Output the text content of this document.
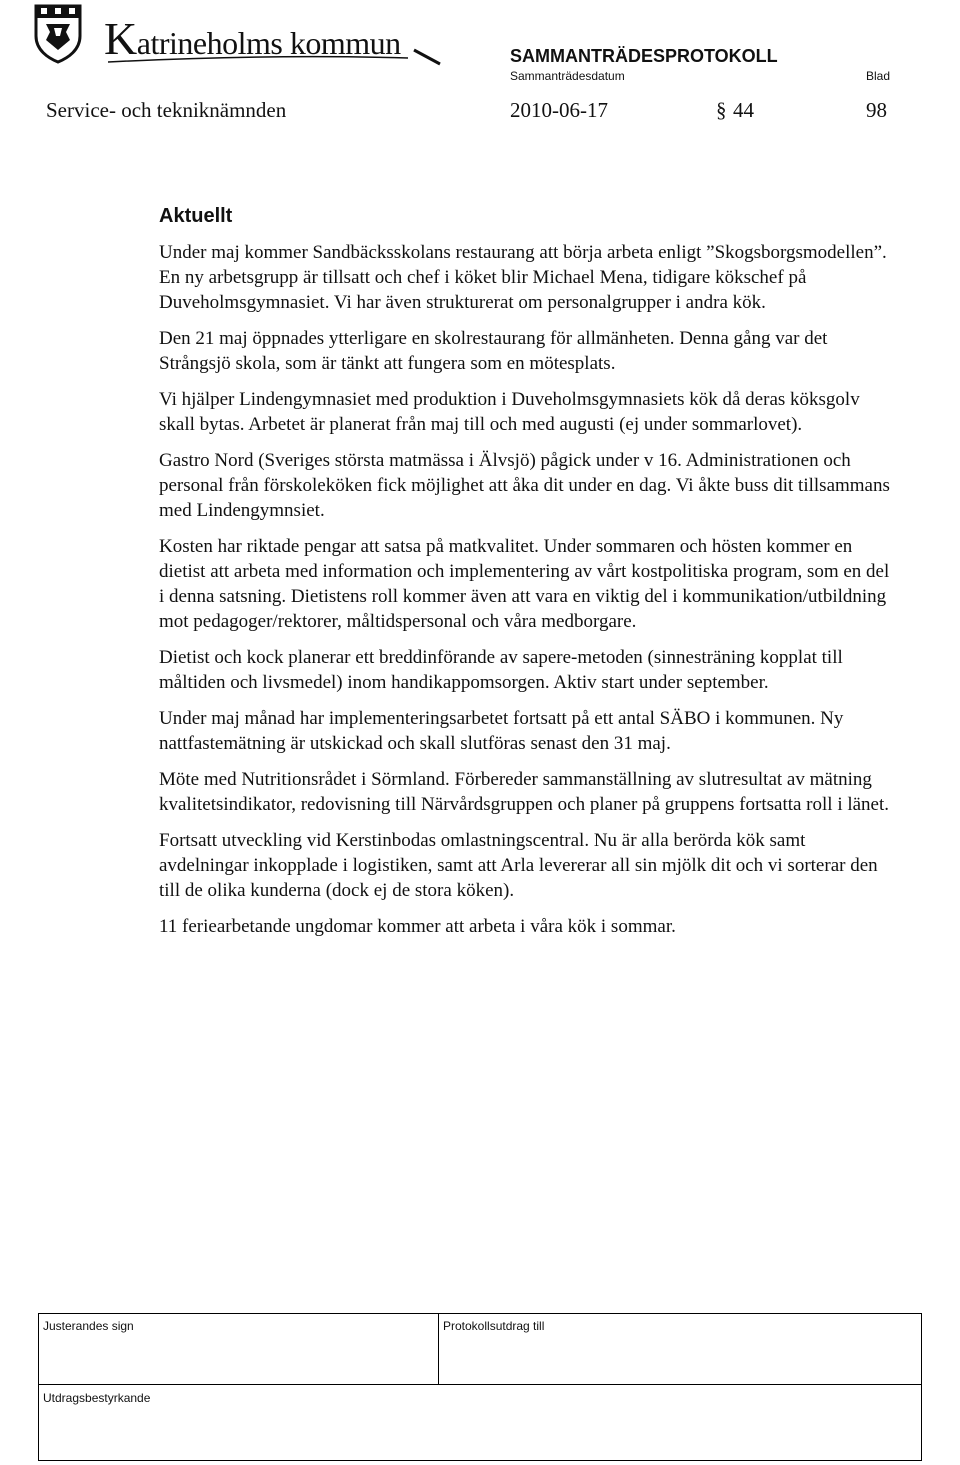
Katrineholms kommun	SAMMANTRÄDESPROTOKOLL
Sammanträdesdatum	Blad
Service- och tekniknämnden	2010-06-17	§ 44	98
Aktuellt

Under maj kommer Sandbäcksskolans restaurang att börja arbeta enligt ”Skogsborgsmodellen”. En ny arbetsgrupp är tillsatt och chef i köket blir Michael Mena, tidigare kökschef på Duveholmsgymnasiet. Vi har även strukturerat om personalgrupper i andra kök.

Den 21 maj öppnades ytterligare en skolrestaurang för allmänheten. Denna gång var det Strångsjö skola, som är tänkt att fungera som en mötesplats.

Vi hjälper Lindengymnasiet med produktion i Duveholmsgymnasiets kök då deras köksgolv skall bytas. Arbetet är planerat från maj till och med augusti (ej under sommarlovet).

Gastro Nord (Sveriges största matmässa i Älvsjö) pågick under v 16. Administrationen och personal från förskoleköken fick möjlighet att åka dit under en dag. Vi åkte buss dit tillsammans med Lindengymnsiet.

Kosten har riktade pengar att satsa på matkvalitet. Under sommaren och hösten kommer en dietist att arbeta med information och implementering av vårt kostpolitiska program, som en del i denna satsning. Dietistens roll kommer även att vara en viktig del i kommunikation/utbildning mot pedagoger/rektorer, måltidspersonal och våra medborgare.

Dietist och kock planerar ett breddinförande av sapere-metoden (sinnesträning kopplat till måltiden och livsmedel) inom handikappomsorgen. Aktiv start under september.

Under maj månad har implementeringsarbetet fortsatt på ett antal SÄBO i kommunen. Ny nattfastemätning är utskickad och skall slutföras senast den 31 maj.

Möte med Nutritionsrådet i Sörmland. Förbereder sammanställning av slutresultat av mätning kvalitetsindikator, redovisning till Närvårdsgruppen och planer på gruppens fortsatta roll i länet.

Fortsatt utveckling vid Kerstinbodas omlastningscentral. Nu är alla berörda kök samt avdelningar inkopplade i logistiken, samt att Arla levererar all sin mjölk dit och vi sorterar den till de olika kunderna (dock ej de stora köken).

11 feriearbetande ungdomar kommer att arbeta i våra kök i sommar.

Justerandes sign	Protokollsutdrag till
Utdragsbestyrkande
